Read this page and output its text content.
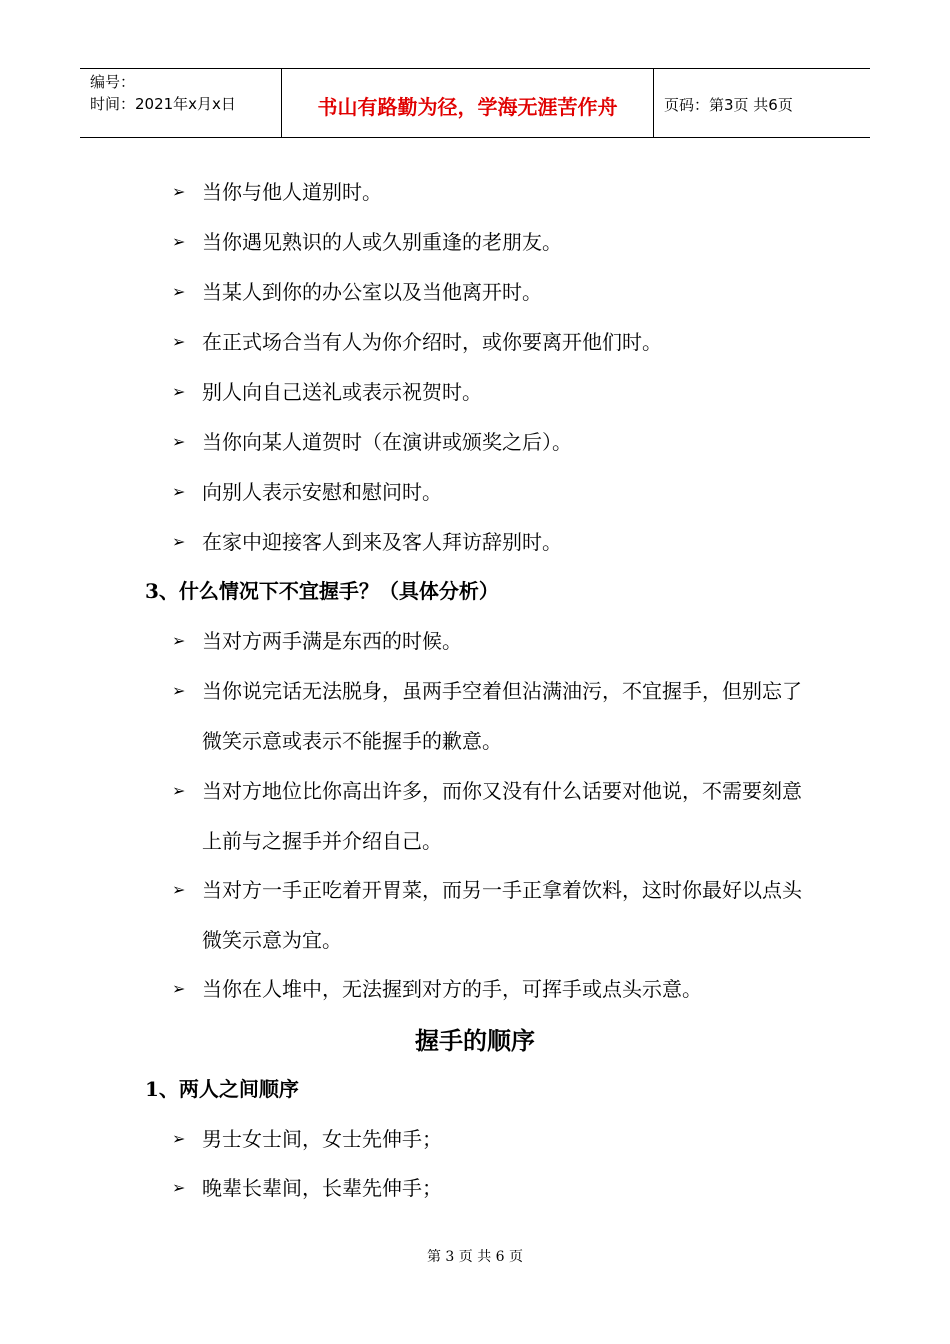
编号：
时间：2021年x月x日	书山有路勤为径，学海无涯苦作舟	页码：第3页 共6页
➢ 当你与他人道别时。
➢ 当你遇见熟识的人或久别重逢的老朋友。
➢ 当某人到你的办公室以及当他离开时。
➢ 在正式场合当有人为你介绍时，或你要离开他们时。
➢ 别人向自己送礼或表示祝贺时。
➢ 当你向某人道贺时（在演讲或颁奖之后）。
➢ 向别人表示安慰和慰问时。
➢ 在家中迎接客人到来及客人拜访辞别时。
3、什么情况下不宜握手？（具体分析）
➢ 当对方两手满是东西的时候。
➢ 当你说完话无法脱身，虽两手空着但沾满油污，不宜握手，但别忘了微笑示意或表示不能握手的歉意。
➢ 当对方地位比你高出许多，而你又没有什么话要对他说，不需要刻意上前与之握手并介绍自己。
➢ 当对方一手正吃着开胃菜，而另一手正拿着饮料，这时你最好以点头微笑示意为宜。
➢ 当你在人堆中，无法握到对方的手，可挥手或点头示意。
握手的顺序
1、两人之间顺序
➢ 男士女士间，女士先伸手；
➢ 晚辈长辈间，长辈先伸手；
第 3 页 共 6 页
